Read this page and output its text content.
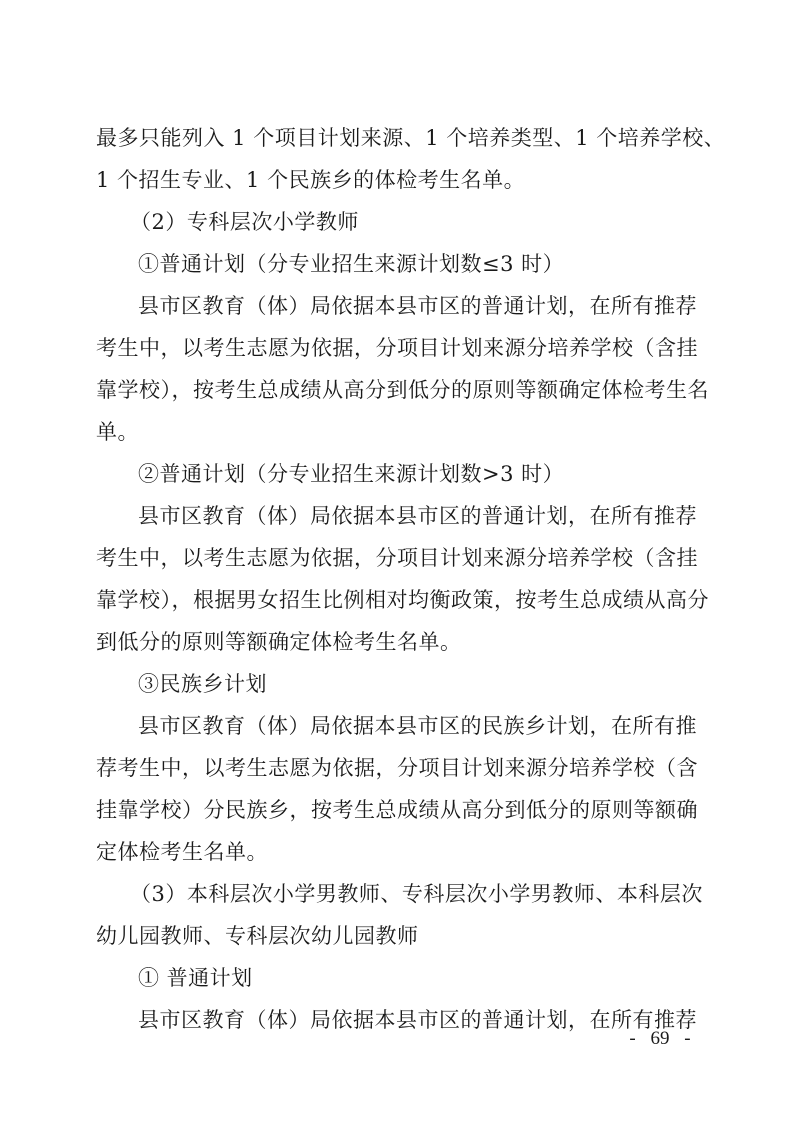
最多只能列入 1 个项目计划来源、1 个培养类型、1 个培养学校、
1 个招生专业、1 个民族乡的体检考生名单。
（2）专科层次小学教师
①普通计划（分专业招生来源计划数≤3 时）
县市区教育（体）局依据本县市区的普通计划，在所有推荐
考生中，以考生志愿为依据，分项目计划来源分培养学校（含挂
靠学校），按考生总成绩从高分到低分的原则等额确定体检考生名
单。
②普通计划（分专业招生来源计划数>3 时）
县市区教育（体）局依据本县市区的普通计划，在所有推荐
考生中，以考生志愿为依据，分项目计划来源分培养学校（含挂
靠学校），根据男女招生比例相对均衡政策，按考生总成绩从高分
到低分的原则等额确定体检考生名单。
③民族乡计划
县市区教育（体）局依据本县市区的民族乡计划，在所有推
荐考生中，以考生志愿为依据，分项目计划来源分培养学校（含
挂靠学校）分民族乡，按考生总成绩从高分到低分的原则等额确
定体检考生名单。
（3）本科层次小学男教师、专科层次小学男教师、本科层次
幼儿园教师、专科层次幼儿园教师
① 普通计划
县市区教育（体）局依据本县市区的普通计划，在所有推荐
- 69 -
